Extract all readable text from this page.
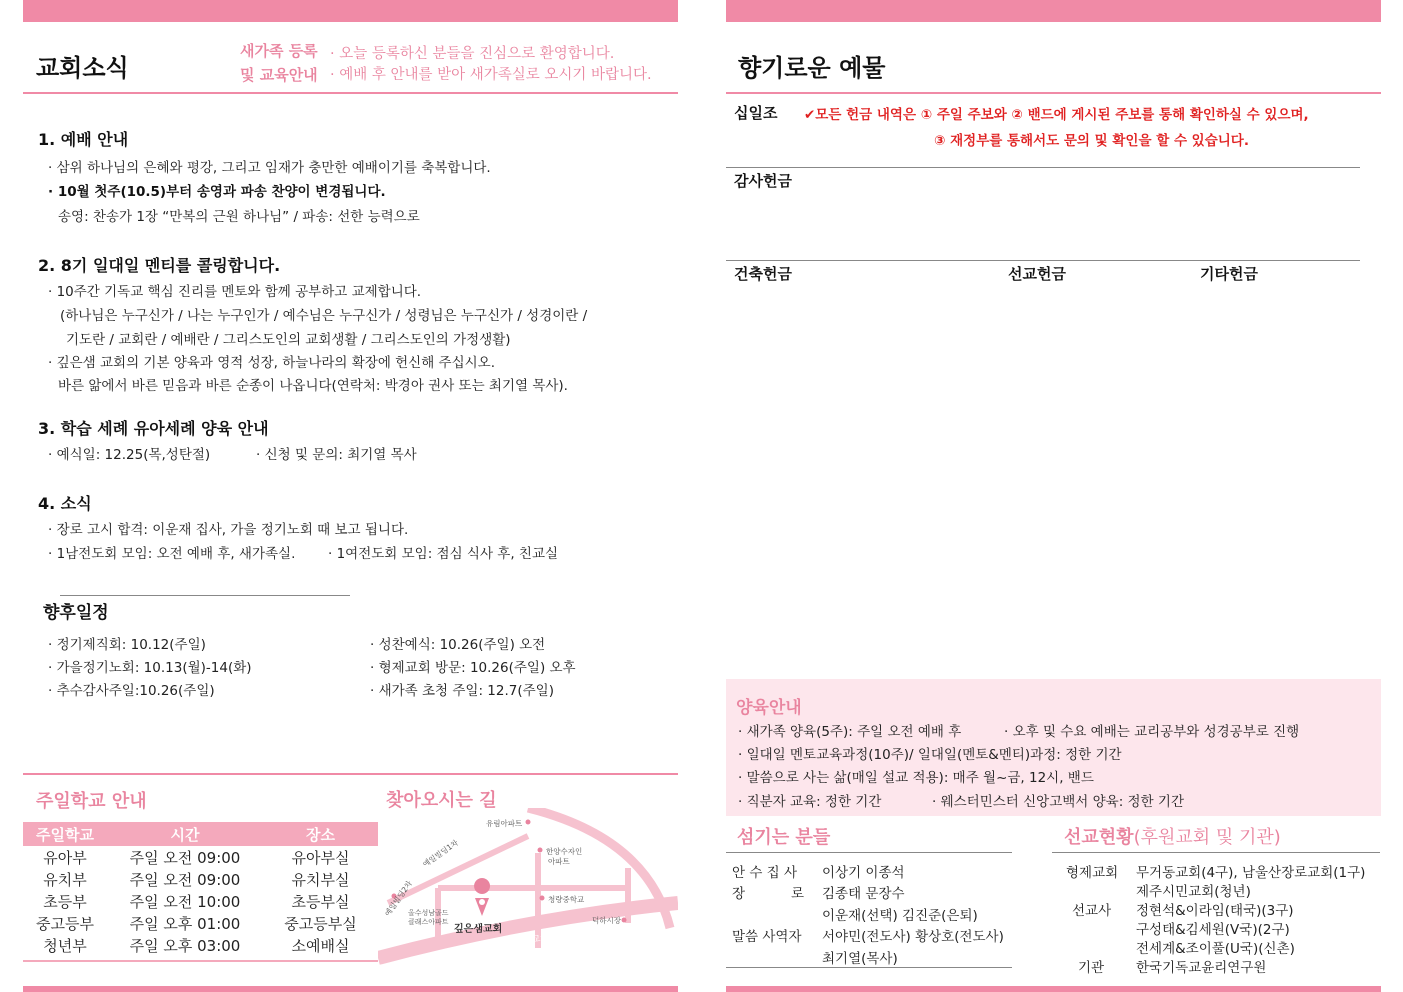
교회소식
새가족 등록
및 교육안내
· 오늘 등록하신 분들을 진심으로 환영합니다.
· 예배 후 안내를 받아 새가족실로 오시기 바랍니다.
1. 예배 안내
· 삼위 하나님의 은혜와 평강, 그리고 임재가 충만한 예배이기를 축복합니다.
· 10월 첫주(10.5)부터 송영과 파송 찬양이 변경됩니다.
송영: 찬송가 1장 “만복의 근원 하나님” / 파송: 선한 능력으로
2. 8기 일대일 멘티를 콜링합니다.
· 10주간 기독교 핵심 진리를 멘토와 함께 공부하고 교제합니다.
(하나님은 누구신가 / 나는 누구인가 / 예수님은 누구신가 / 성령님은 누구신가 / 성경이란 /
기도란 / 교회란 / 예배란 / 그리스도인의 교회생활 / 그리스도인의 가정생활)
· 깊은샘 교회의 기본 양육과 영적 성장, 하늘나라의 확장에 헌신해 주십시오.
바른 앎에서 바른 믿음과 바른 순종이 나옵니다(연락처: 박경아 권사 또는 최기열 목사).
3. 학습 세례 유아세례 양육 안내
· 예식일: 12.25(목,성탄절)	· 신청 및 문의: 최기열 목사
4. 소식
· 장로 고시 합격: 이운재 집사, 가을 정기노회 때 보고 됩니다.
· 1남전도회 모임: 오전 예배 후, 새가족실. · 1여전도회 모임: 점심 식사 후, 친교실
향후일정
· 정기제직회: 10.12(주일)
· 가을정기노회: 10.13(월)-14(화)
· 추수감사주일:10.26(주일)
· 성찬예식: 10.26(주일) 오전
· 형제교회 방문: 10.26(주일) 오후
· 새가족 초청 주일: 12.7(주일)
주일학교 안내
주일학교	시간	장소
유아부	주일 오전 09:00	유아부실
유치부	주일 오전 09:00	유치부실
초등부	주일 오전 10:00	초등부실
중고등부	주일 오후 01:00	중고등부실
청년부	주일 오후 03:00	소예배실
찾아오시는 길
유림아파트
한양수자인
아파트
예일빌딩1차
청량중학교
예일빌딩2차
올수성남골드
클래스아파트	덕하시장
깊은샘교회
송전교차로	장덕삼거리
향기로운 예물
십일조 ✔모든 헌금 내역은 ① 주일 주보와 ② 밴드에 게시된 주보를 통해 확인하실 수 있으며,
③ 재정부를 통해서도 문의 및 확인을 할 수 있습니다.
감사헌금
건축헌금	선교헌금	기타헌금
양육안내
· 새가족 양육(5주): 주일 오전 예배 후	· 오후 및 수요 예배는 교리공부와 성경공부로 진행
· 일대일 멘토교육과정(10주)/ 일대일(멘토&멘티)과정: 정한 기간
· 말씀으로 사는 삶(매일 설교 적용): 매주 월~금, 12시, 밴드
· 직분자 교육: 정한 기간	· 웨스터민스터 신앙고백서 양육: 정한 기간
섬기는 분들
안 수 집 사 이상기 이종석
장	로 김종태 문장수
이운재(선택) 김진준(은퇴)
말씀 사역자 서야민(전도사) 황상호(전도사)
최기열(목사)
선교현황(후원교회 및 기관)
형제교회 무거동교회(4구), 남울산장로교회(1구)
제주시민교회(청년)
선교사 정현석&이라임(태국)(3구)
구성태&김세원(V국)(2구)
전세계&조이풀(U국)(신촌)
기관 한국기독교윤리연구원
